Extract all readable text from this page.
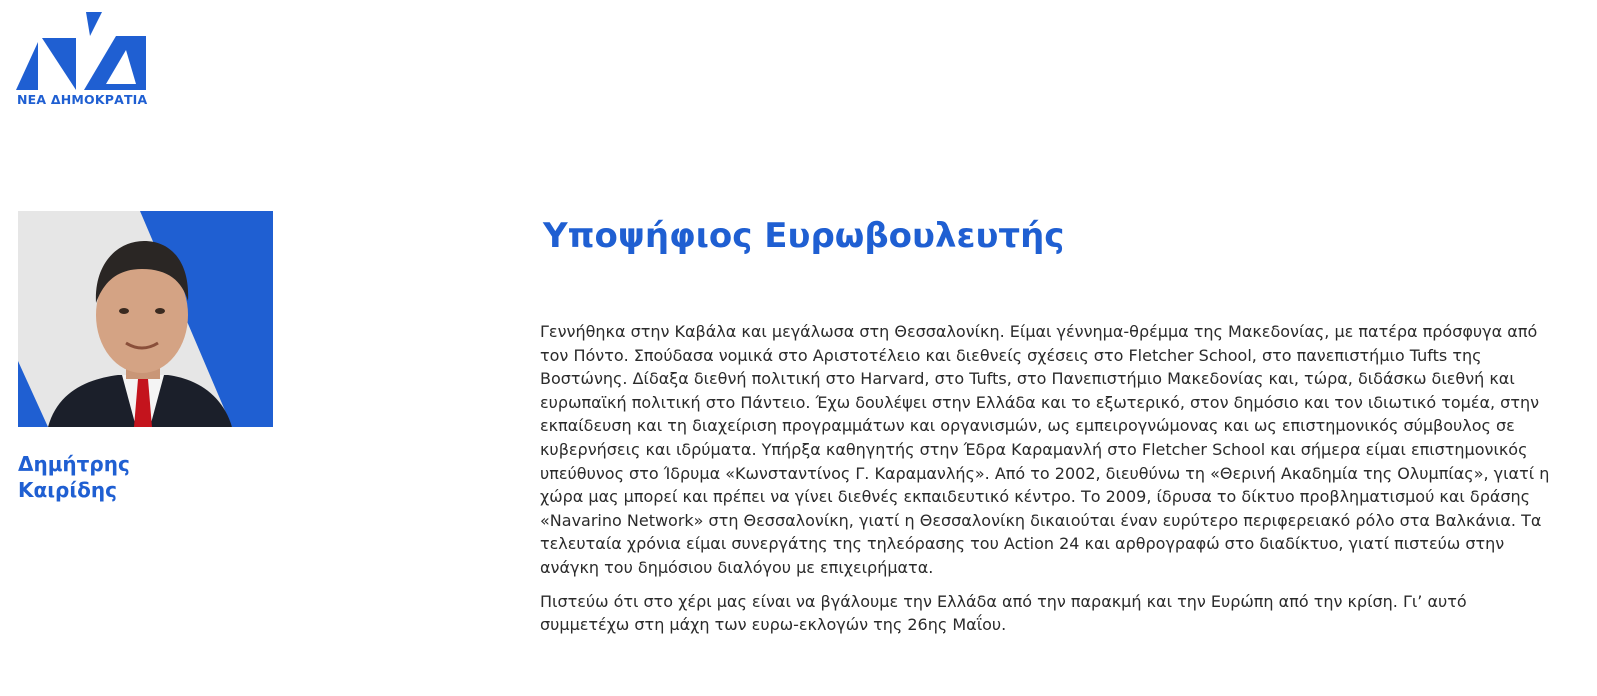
ΝΕΑ ΔΗΜΟΚΡΑΤΙΑ
Δημήτρης
Καιρίδης
Υποψήφιος Ευρωβουλευτής

Γεννήθηκα στην Καβάλα και μεγάλωσα στη Θεσσαλονίκη. Είμαι γέννημα-θρέμμα της Μακεδονίας, με πατέρα πρόσφυγα από τον Πόντο. Σπούδασα νομικά στο Αριστοτέλειο και διεθνείς σχέσεις στο Fletcher School, στο πανεπιστήμιο Tufts της Βοστώνης. Δίδαξα διεθνή πολιτική στο Harvard, στο Tufts, στο Πανεπιστήμιο Μακεδονίας και, τώρα, διδάσκω διεθνή και ευρωπαϊκή πολιτική στο Πάντειο. Έχω δουλέψει στην Ελλάδα και το εξωτερικό, στον δημόσιο και τον ιδιωτικό τομέα, στην εκπαίδευση και τη διαχείριση προγραμμάτων και οργανισμών, ως εμπειρογνώμονας και ως επιστημονικός σύμβουλος σε κυβερνήσεις και ιδρύματα. Υπήρξα καθηγητής στην Έδρα Καραμανλή στο Fletcher School και σήμερα είμαι επιστημονικός υπεύθυνος στο Ίδρυμα «Κωνσταντίνος Γ. Καραμανλής». Από το 2002, διευθύνω τη «Θερινή Ακαδημία της Ολυμπίας», γιατί η χώρα μας μπορεί και πρέπει να γίνει διεθνές εκπαιδευτικό κέντρο. Το 2009, ίδρυσα το δίκτυο προβληματισμού και δράσης «Navarino Network» στη Θεσσαλονίκη, γιατί η Θεσσαλονίκη δικαιούται έναν ευρύτερο περιφερειακό ρόλο στα Βαλκάνια. Τα τελευταία χρόνια είμαι συνεργάτης της τηλεόρασης του Action 24 και αρθρογραφώ στο διαδίκτυο, γιατί πιστεύω στην ανάγκη του δημόσιου διαλόγου με επιχειρήματα.

Πιστεύω ότι στο χέρι μας είναι να βγάλουμε την Ελλάδα από την παρακμή και την Ευρώπη από την κρίση. Γι’ αυτό συμμετέχω στη μάχη των ευρω-εκλογών της 26ης Μαΐου.
